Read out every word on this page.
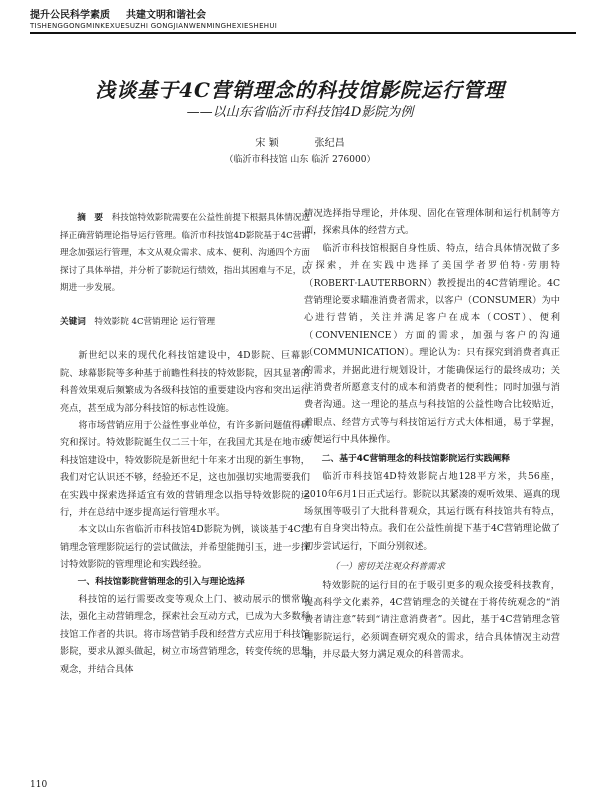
提升公民科学素质 共建文明和谐社会
TISHENGGONGMINKEXUESUZHI GONGJIANWENMINGHEXIESHEHUI
浅谈基于4C营销理念的科技馆影院运行管理
——以山东省临沂市科技馆4D影院为例
宋 颖	张纪昌
（临沂市科技馆 山东 临沂 276000）

摘　要　 科技馆特效影院需要在公益性前提下根据具体情况选择正确营销理论指导运行管理。临沂市科技馆4D影院基于4C营销理念加强运行管理，本文从观众需求、成本、便利、沟通四个方面探讨了具体举措，并分析了影院运行绩效，指出其困难与不足，以期进一步发展。

关键词　 特效影院 4C营销理论 运行管理

新世纪以来的现代化科技馆建设中，4D影院、巨幕影院、球幕影院等多种基于前瞻性科技的特效影院，因其显著的科普效果观后频繁成为各级科技馆的重要建设内容和突出运行亮点，甚至成为部分科技馆的标志性设施。

将市场营销应用于公益性事业单位，有许多新问题值得研究和探讨。特效影院诞生仅二三十年，在我国尤其是在地市级科技馆建设中，特效影院是新世纪十年来才出现的新生事物，我们对它认识还不够，经验还不足，这也加强切实地需要我们在实践中探索选择适宜有效的营销理念以指导特效影院的运行，并在总结中逐步提高运行管理水平。

本文以山东省临沂市科技馆4D影院为例，谈谈基于4C营销理念管理影院运行的尝试做法，并希望能抛引玉，进一步探讨特效影院的管理理论和实践经验。

一、科技馆影院营销理念的引入与理论选择

科技馆的运行需要改变等观众上门、被动展示的惯常做法，强化主动营销理念，探索社会互动方式，已成为大多数科技馆工作者的共识。将市场营销手段和经营方式应用于科技馆影院，要求从源头做起，树立市场营销理念，转变传统的思想观念，并结合具体

情况选择指导理论，并体现、固化在管理体制和运行机制等方面，探索具体的经营方式。

临沂市科技馆根据自身性质、特点，结合具体情况做了多方探索，并在实践中选择了美国学者罗伯特·劳朋特（ROBERT·LAUTERBORN）教授提出的4C营销理论。4C营销理论要求瞄准消费者需求，以客户（CONSUMER）为中心进行营销，关注并满足客户在成本（COST）、便利（CONVENIENCE）方面的需求，加强与客户的沟通（COMMUNICATION）。理论认为：只有探究到消费者真正的需求，并据此进行规划设计，才能确保运行的最终成功；关注消费者所愿意支付的成本和消费者的便利性；同时加强与消费者沟通。这一理论的基点与科技馆的公益性吻合比较贴近，着眼点、经营方式等与科技馆运行方式大体相通，易于掌握，方便运行中具体操作。

二、基于4C营销理念的科技馆影院运行实践阐释

临沂市科技馆4D特效影院占地128平方米，共56座，2010年6月1日正式运行。影院以其紧凑的观听效果、逼真的现场氛围等吸引了大批科普观众，其运行既有科技馆共有特点，也有自身突出特点。我们在公益性前提下基于4C营销理论做了初步尝试运行，下面分别叙述。

（一）密切关注观众科普需求

特效影院的运行目的在于吸引更多的观众接受科技教育，提高科学文化素养，4C营销理念的关键在于将传统观念的“消费者请注意”转到“请注意消费者”。因此，基于4C营销理念管理影院运行，必须调查研究观众的需求，结合具体情况主动营销，并尽最大努力满足观众的科普需求。

110
